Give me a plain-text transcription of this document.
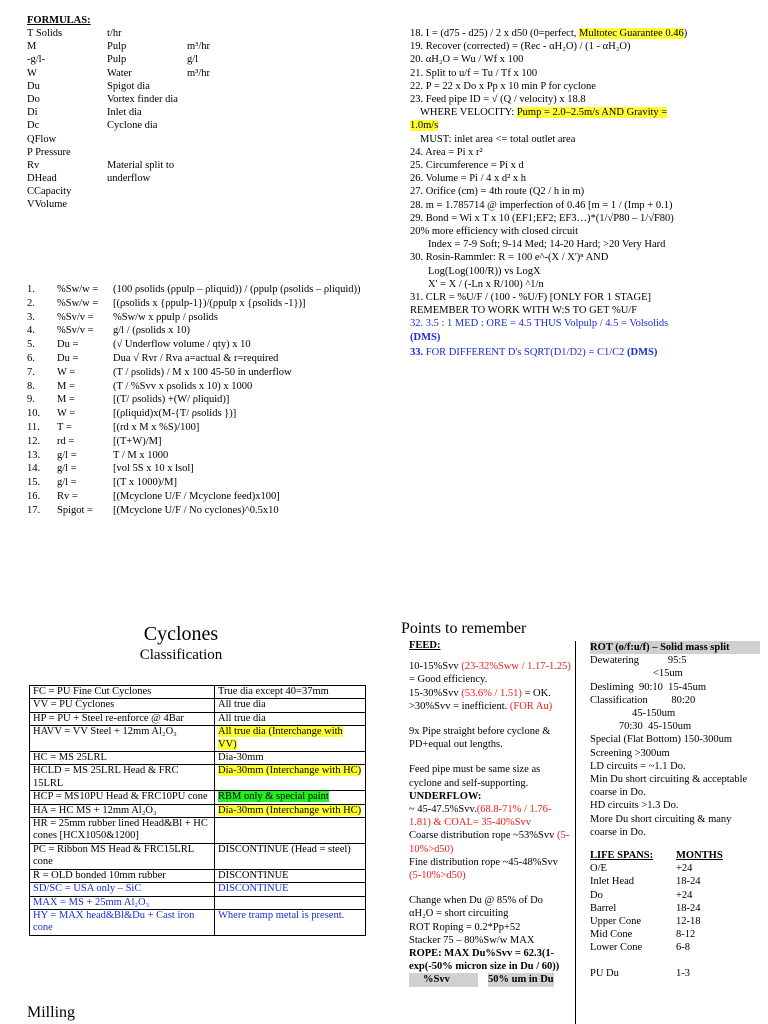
FORMULAS:
T Solids	t/hr
M	Pulp	m³/hr
-g/l-	Pulp	g/l
W	Water	m³/hr
Du	Spigot dia
Do	Vortex finder dia
Di	Inlet dia
Dc	Cyclone dia
QFlow
P Pressure
Rv	Material split to underflow
DHead
CCapacity
VVolume
1.	%Sw/w =	(100 ρsolids (ρpulp – ρliquid)) / (ρpulp (ρsolids – ρliquid))
2.	%Sw/w =	[(ρsolids x {ρpulp-1})/(ρpulp x {ρsolids -1})]
3.	%Sv/v =	%Sw/w x ρpulp / ρsolids
4.	%Sv/v =	g/l / (ρsolids x 10)
5.	Du =	(√ Underflow volume / qty) x 10
6.	Du =	Dua √ Rvr / Rva a=actual & r=required
7.	W =	(T / ρsolids) / M x 100 45-50 in underflow
8.	M =	(T / %Svv x ρsolids x 10) x 1000
9.	M =	[(T/ ρsolids) +(W/ ρliquid)]
10.	W =	[(ρliquid)x(M-{T/ ρsolids })]
11.	T =	[(rd x M x %S)/100]
12.	rd =	[(T+W)/M]
13.	g/l =	T / M x 1000
14.	g/l =	[vol 5S x 10 x lsol]
15.	g/l =	[(T x 1000)/M]
16.	Rv =	[(Mcyclone U/F / Mcyclone feed)x100]
17.	Spigot =	[(Mcyclone U/F / No cyclones)^0.5x10
18. I = (d75 - d25) / 2 x d50 (0=perfect, Multotec Guarantee 0.46)
19. Recover (corrected) = (Rec - αH₂O) / (1 - αH₂O)
20. αH₂O = Wu / Wf x 100
21. Split to u/f = Tu / Tf x 100
22. P = 22 x Do x Pp x 10 min P for cyclone
23. Feed pipe ID = √ (Q / velocity) x 18.8
WHERE VELOCITY: Pump = 2.0–2.5m/s AND Gravity =
1.0m/s
MUST: inlet area <= total outlet area
24. Area = Pi x r²
25. Circumference = Pi x d
26. Volume = Pi / 4 x d² x h
27. Orifice (cm) = 4th route (Q2 / h in m)
28. m = 1.785714 @ imperfection of 0.46 [m = 1 / (Imp + 0.1)
29. Bond = Wi x T x 10 (EF1;EF2; EF3…)*(1/√P80 – 1/√F80)
20% more efficiency with closed circuit
Index = 7-9 Soft; 9-14 Med; 14-20 Hard; >20 Very Hard
30. Rosin-Rammler: R = 100 e^-(X / X')ⁿ AND
Log(Log(100/R)) vs LogX
X' = X / (-Ln x R/100) ^1/n
31. CLR = %U/F / (100 - %U/F) [ONLY FOR 1 STAGE]
REMEMBER TO WORK WITH W:S TO GET %U/F
32. 3.5 : 1 MED : ORE = 4.5 THUS Volpulp / 4.5 = Volsolids
(DMS)
33. FOR DIFFERENT D's SQRT(D1/D2) = C1/C2 (DMS)
Cyclones
Classification
FC = PU Fine Cut Cyclones	True dia except 40=37mm
VV = PU Cyclones	All true dia
HP = PU + Steel re-enforce @ 4Bar	All true dia
HAVV = VV Steel + 12mm Al₂O₃	All true dia (Interchange with VV)
HC = MS 25LRL	Dia-30mm
HCLD = MS 25LRL Head & FRC 15LRL	Dia-30mm (Interchange with HC)
HCP = MS10PU Head & FRC10PU cone	RBM only & special paint
HA = HC MS + 12mm Al₂O₃	Dia-30mm (Interchange with HC)
HR = 25mm rubber lined Head&Bl + HC cones [HCX1050&1200]	
PC = Ribbon MS Head & FRC15LRL cone	DISCONTINUE (Head = steel)
R = OLD bonded 10mm rubber	DISCONTINUE
SD/SC = USA only – SiC	DISCONTINUE
MAX = MS + 25mm Al₂O₃	
HY = MAX head&Bl&Du + Cast iron cone	Where tramp metal is present.
Milling
Points to remember
FEED:
10-15%Svv (23-32%Sww / 1.17-1.25) = Good efficiency.
15-30%Svv (53.6% / 1.51) = OK.
>30%Svv = inefficient. (FOR Au)
9x Pipe straight before cyclone & PD+equal out lengths.
Feed pipe must be same size as cyclone and self-supporting.
UNDERFLOW:
~ 45-47.5%Svv.(68.8-71% / 1.76-1.81) & COAL= 35-40%Svv
Coarse distribution rope ~53%Svv (5-10%>d50)
Fine distribution rope ~45-48%Svv (5-10%>d50)
Change when Du @ 85% of Do
αH₂O = short circuiting
ROT Roping = 0.2*Pp+52
Stacker 75 – 80%Sw/w MAX
ROPE: MAX Du%Svv = 62.3(1-exp(-50% micron size in Du / 60))
%Svv	50% um in Du
ROT (o/f:u/f) – Solid mass split
Dewatering           95:5
<15um
Desliming  90:10  15-45um
Classification         80:20
45-150um
70:30  45-150um
Special (Flat Bottom) 150-300um
Screening >300um
LD circuits = ~1.1 Do.
Min Du short circuiting & acceptable coarse in Do.
HD circuits >1.3 Do.
More Du short circuiting & many coarse in Do.
LIFE SPANS:	MONTHS
O/E	+24
Inlet Head	18-24
Do	+24
Barrel	18-24
Upper Cone	12-18
Mid Cone	8-12
Lower Cone	6-8
PU Du	1-3
